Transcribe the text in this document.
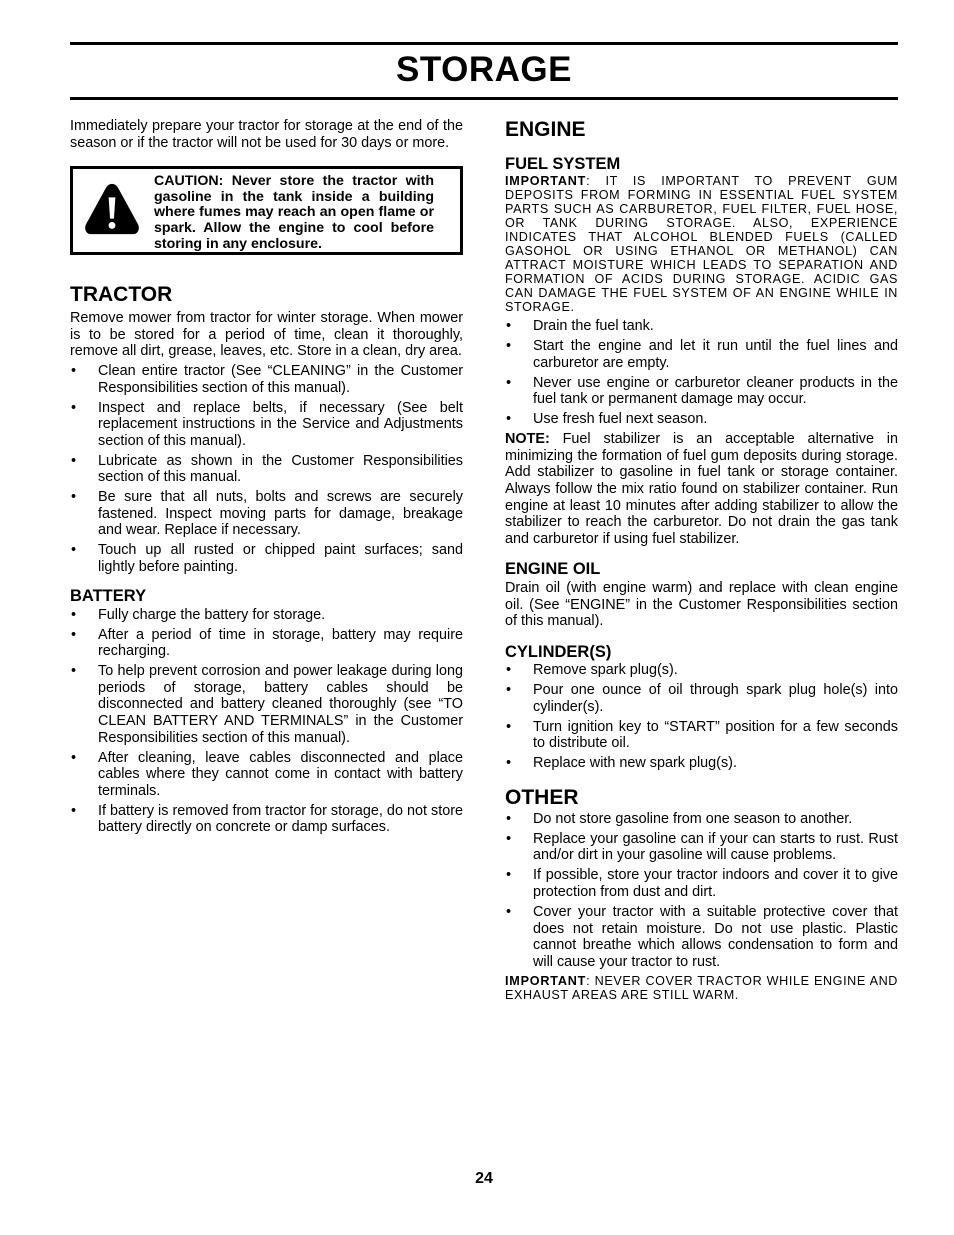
STORAGE

Immediately prepare your tractor for storage at the end of the season or if the tractor will not be used for 30 days or more.

CAUTION: Never store the tractor with gasoline in the tank inside a building where fumes may reach an open flame or spark. Allow the engine to cool before storing in any enclosure.
TRACTOR

Remove mower from tractor for winter storage. When mower is to be stored for a period of time, clean it thoroughly, remove all dirt, grease, leaves, etc. Store in a clean, dry area.

• Clean entire tractor (See “CLEANING” in the Customer Responsibilities section of this manual).
• Inspect and replace belts, if necessary (See belt replacement instructions in the Service and Adjustments section of this manual).
• Lubricate as shown in the Customer Responsibilities section of this manual.
• Be sure that all nuts, bolts and screws are securely fastened. Inspect moving parts for damage, breakage and wear. Replace if necessary.
• Touch up all rusted or chipped paint surfaces; sand lightly before painting.
BATTERY
• Fully charge the battery for storage.
• After a period of time in storage, battery may require recharging.
• To help prevent corrosion and power leakage during long periods of storage, battery cables should be disconnected and battery cleaned thoroughly (see “TO CLEAN BATTERY AND TERMINALS” in the Customer Responsibilities section of this manual).
• After cleaning, leave cables disconnected and place cables where they cannot come in contact with battery terminals.
• If battery is removed from tractor for storage, do not store battery directly on concrete or damp surfaces.
ENGINE
FUEL SYSTEM

IMPORTANT: IT IS IMPORTANT TO PREVENT GUM DEPOSITS FROM FORMING IN ESSENTIAL FUEL SYSTEM PARTS SUCH AS CARBURETOR, FUEL FILTER, FUEL HOSE, OR TANK DURING STORAGE. ALSO, EXPERIENCE INDICATES THAT ALCOHOL BLENDED FUELS (CALLED GASOHOL OR USING ETHANOL OR METHANOL) CAN ATTRACT MOISTURE WHICH LEADS TO SEPARATION AND FORMATION OF ACIDS DURING STORAGE. ACIDIC GAS CAN DAMAGE THE FUEL SYSTEM OF AN ENGINE WHILE IN STORAGE.

• Drain the fuel tank.
• Start the engine and let it run until the fuel lines and carburetor are empty.
• Never use engine or carburetor cleaner products in the fuel tank or permanent damage may occur.
• Use fresh fuel next season.

NOTE: Fuel stabilizer is an acceptable alternative in minimizing the formation of fuel gum deposits during storage. Add stabilizer to gasoline in fuel tank or storage container. Always follow the mix ratio found on stabilizer container. Run engine at least 10 minutes after adding stabilizer to allow the stabilizer to reach the carburetor. Do not drain the gas tank and carburetor if using fuel stabilizer.

ENGINE OIL

Drain oil (with engine warm) and replace with clean engine oil. (See “ENGINE” in the Customer Responsibilities section of this manual).

CYLINDER(S)
• Remove spark plug(s).
• Pour one ounce of oil through spark plug hole(s) into cylinder(s).
• Turn ignition key to “START” position for a few seconds to distribute oil.
• Replace with new spark plug(s).
OTHER
• Do not store gasoline from one season to another.
• Replace your gasoline can if your can starts to rust. Rust and/or dirt in your gasoline will cause problems.
• If possible, store your tractor indoors and cover it to give protection from dust and dirt.
• Cover your tractor with a suitable protective cover that does not retain moisture. Do not use plastic. Plastic cannot breathe which allows condensation to form and will cause your tractor to rust.

IMPORTANT: NEVER COVER TRACTOR WHILE ENGINE AND EXHAUST AREAS ARE STILL WARM.

24
